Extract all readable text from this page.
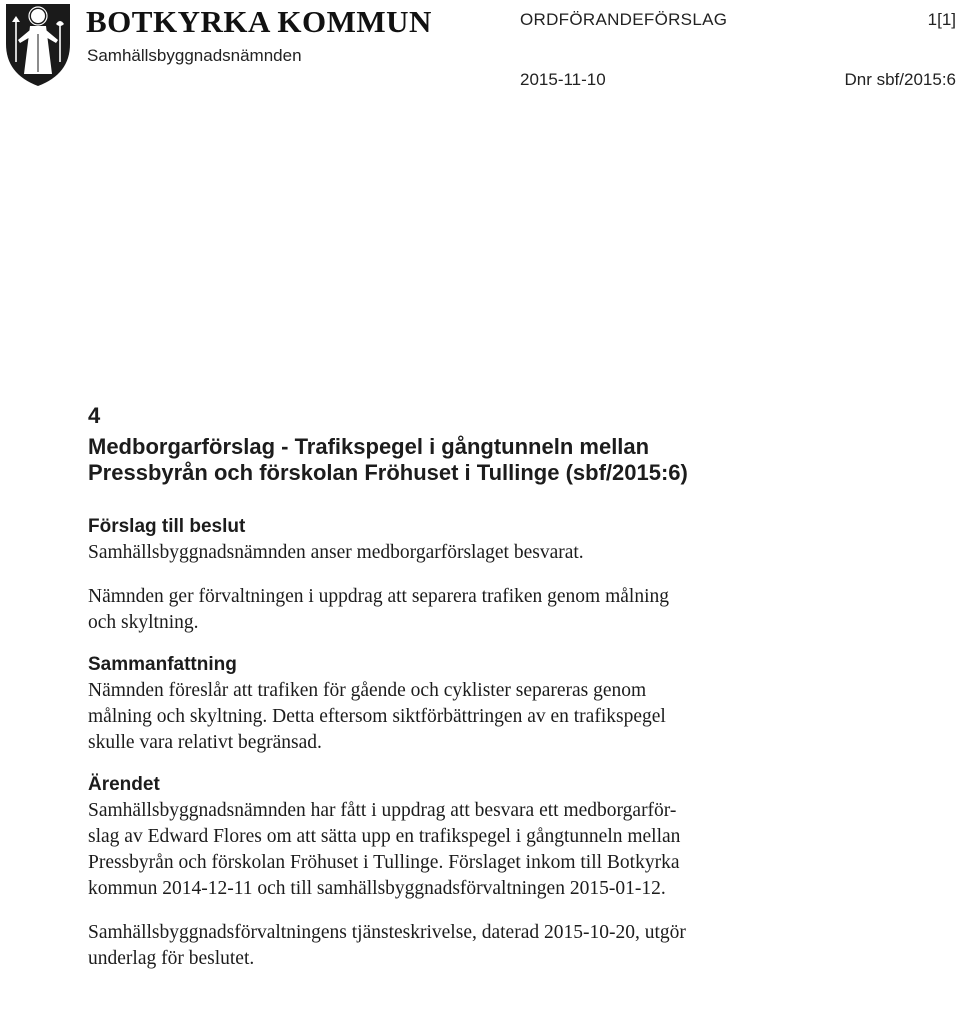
BOTKYRKA KOMMUN
Samhällsbyggnadsnämnden
ORDFÖRANDEFÖRSLAG	1[1]
2015-11-10	Dnr sbf/2015:6

4

Medborgarförslag - Trafikspegel i gångtunneln mellan
Pressbyrån och förskolan Fröhuset i Tullinge (sbf/2015:6)

Förslag till beslut

Samhällsbyggnadsnämnden anser medborgarförslaget besvarat.

Nämnden ger förvaltningen i uppdrag att separera trafiken genom målning
och skyltning.

Sammanfattning

Nämnden föreslår att trafiken för gående och cyklister separeras genom
målning och skyltning. Detta eftersom siktförbättringen av en trafikspegel
skulle vara relativt begränsad.

Ärendet

Samhällsbyggnadsnämnden har fått i uppdrag att besvara ett medborgarför-
slag av Edward Flores om att sätta upp en trafikspegel i gångtunneln mellan
Pressbyrån och förskolan Fröhuset i Tullinge. Förslaget inkom till Botkyrka
kommun 2014-12-11 och till samhällsbyggnadsförvaltningen 2015-01-12.
Samhällsbyggnadsförvaltningens tjänsteskrivelse, daterad 2015-10-20, utgör
underlag för beslutet.
